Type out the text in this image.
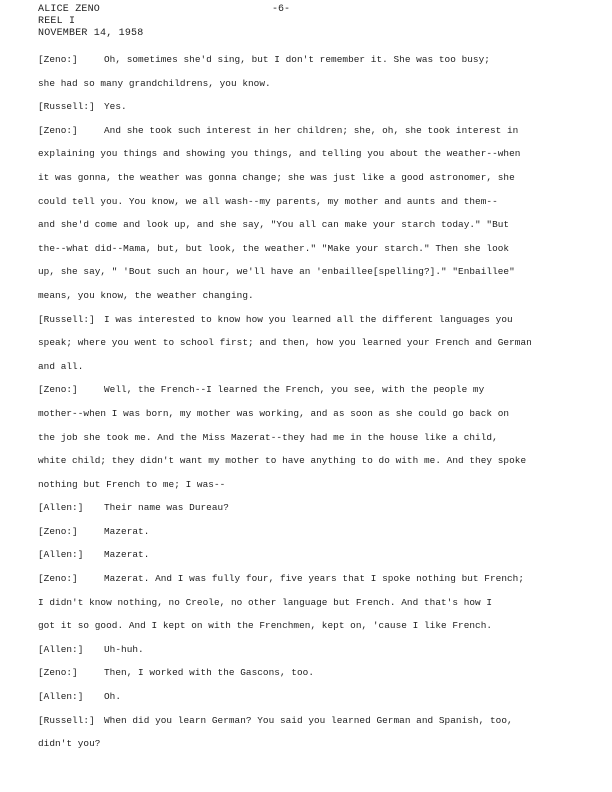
ALICE ZENO
REEL I
NOVEMBER 14, 1958
-6-
[Zeno:]	Oh, sometimes she'd sing, but I don't remember it. She was too busy;
she had so many grandchildrens, you know.
[Russell:] Yes.
[Zeno:]	And she took such interest in her children; she, oh, she took interest in
explaining you things and showing you things, and telling you about the weather--when
it was gonna, the weather was gonna change; she was just like a good astronomer, she
could tell you. You know, we all wash--my parents, my mother and aunts and them--
and she'd come and look up, and she say, "You all can make your starch today." "But
the--what did--Mama, but, but look, the weather." "Make your starch." Then she look
up, she say, " 'Bout such an hour, we'll have an 'enbaillee[spelling?]." "Enbaillee"
means, you know, the weather changing.
[Russell:] I was interested to know how you learned all the different languages you
speak; where you went to school first; and then, how you learned your French and German
and all.
[Zeno:]	Well, the French--I learned the French, you see, with the people my
mother--when I was born, my mother was working, and as soon as she could go back on
the job she took me. And the Miss Mazerat--they had me in the house like a child,
white child; they didn't want my mother to have anything to do with me. And they spoke
nothing but French to me; I was--
[Allen:] Their name was Dureau?
[Zeno:]	Mazerat.
[Allen:] Mazerat.
[Zeno:]	Mazerat. And I was fully four, five years that I spoke nothing but French;
I didn't know nothing, no Creole, no other language but French. And that's how I
got it so good. And I kept on with the Frenchmen, kept on, 'cause I like French.
[Allen:] Uh-huh.
[Zeno:]	Then, I worked with the Gascons, too.
[Allen:] Oh.
[Russell:] When did you learn German? You said you learned German and Spanish, too,
didn't you?
